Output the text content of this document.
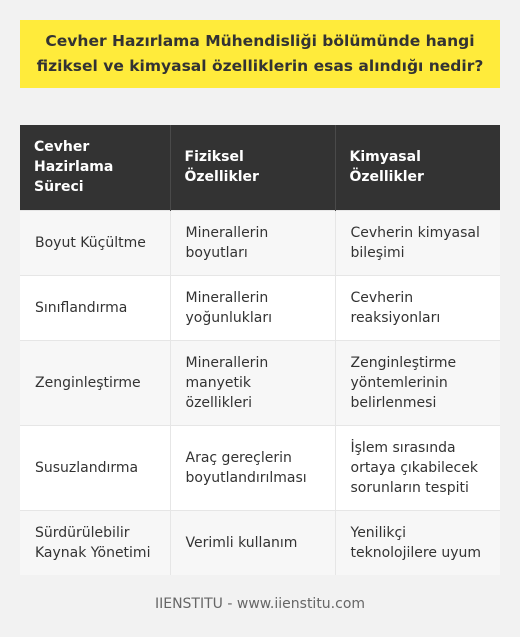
Cevher Hazırlama Mühendisliği bölümünde hangi fiziksel ve kimyasal özelliklerin esas alındığı nedir?
Cevher Hazirlama Süreci	Fiziksel Özellikler	Kimyasal Özellikler
Boyut Küçültme	Minerallerin boyutları	Cevherin kimyasal bileşimi
Sınıflandırma	Minerallerin yoğunlukları	Cevherin reaksiyonları
Zenginleştirme	Minerallerin manyetik özellikleri	Zenginleştirme yöntemlerinin belirlenmesi
Susuzlandırma	Araç gereçlerin boyutlandırılması	İşlem sırasında ortaya çıkabilecek sorunların tespiti
Sürdürülebilir Kaynak Yönetimi	Verimli kullanım	Yenilikçi teknolojilere uyum
IIENSTITU - www.iienstitu.com
